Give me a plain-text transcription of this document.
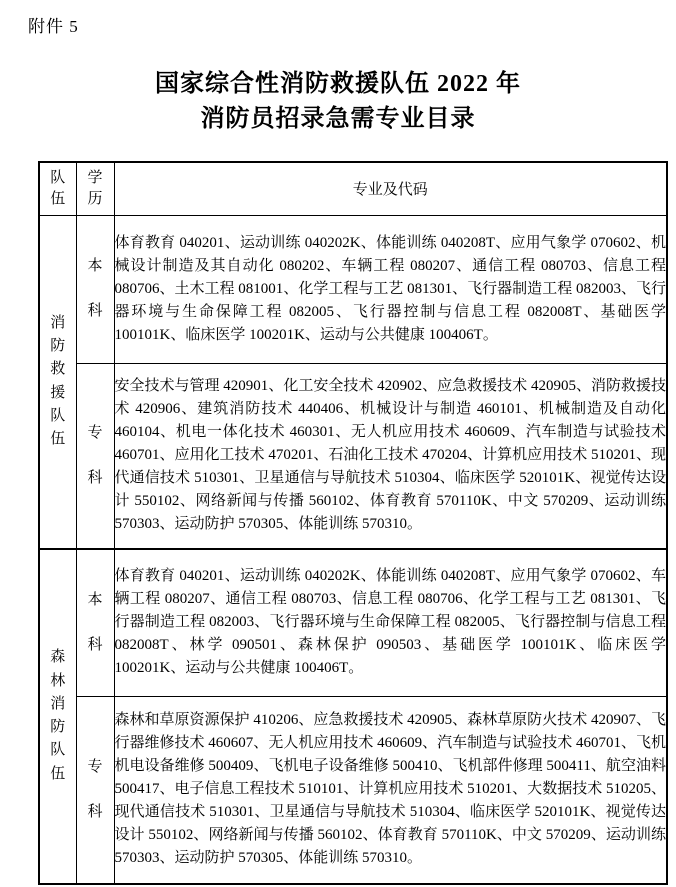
附件 5
国家综合性消防救援队伍 2022 年
消防员招录急需专业目录
队伍	学历	专业及代码
消防救援队伍	本科	体育教育 040201、运动训练 040202K、体能训练 040208T、应用气象学 070602、机械设计制造及其自动化 080202、车辆工程 080207、通信工程 080703、信息工程 080706、土木工程 081001、化学工程与工艺 081301、飞行器制造工程 082003、飞行器环境与生命保障工程 082005、飞行器控制与信息工程 082008T、基础医学 100101K、临床医学 100201K、运动与公共健康 100406T。
	专科	安全技术与管理 420901、化工安全技术 420902、应急救援技术 420905、消防救援技术 420906、建筑消防技术 440406、机械设计与制造 460101、机械制造及自动化 460104、机电一体化技术 460301、无人机应用技术 460609、汽车制造与试验技术 460701、应用化工技术 470201、石油化工技术 470204、计算机应用技术 510201、现代通信技术 510301、卫星通信与导航技术 510304、临床医学 520101K、视觉传达设计 550102、网络新闻与传播 560102、体育教育 570110K、中文 570209、运动训练 570303、运动防护 570305、体能训练 570310。
森林消防队伍	本科	体育教育 040201、运动训练 040202K、体能训练 040208T、应用气象学 070602、车辆工程 080207、通信工程 080703、信息工程 080706、化学工程与工艺 081301、飞行器制造工程 082003、飞行器环境与生命保障工程 082005、飞行器控制与信息工程 082008T、林学 090501、森林保护 090503、基础医学 100101K、临床医学 100201K、运动与公共健康 100406T。
	专科	森林和草原资源保护 410206、应急救援技术 420905、森林草原防火技术 420907、飞行器维修技术 460607、无人机应用技术 460609、汽车制造与试验技术 460701、飞机机电设备维修 500409、飞机电子设备维修 500410、飞机部件修理 500411、航空油料 500417、电子信息工程技术 510101、计算机应用技术 510201、大数据技术 510205、现代通信技术 510301、卫星通信与导航技术 510304、临床医学 520101K、视觉传达设计 550102、网络新闻与传播 560102、体育教育 570110K、中文 570209、运动训练 570303、运动防护 570305、体能训练 570310。
